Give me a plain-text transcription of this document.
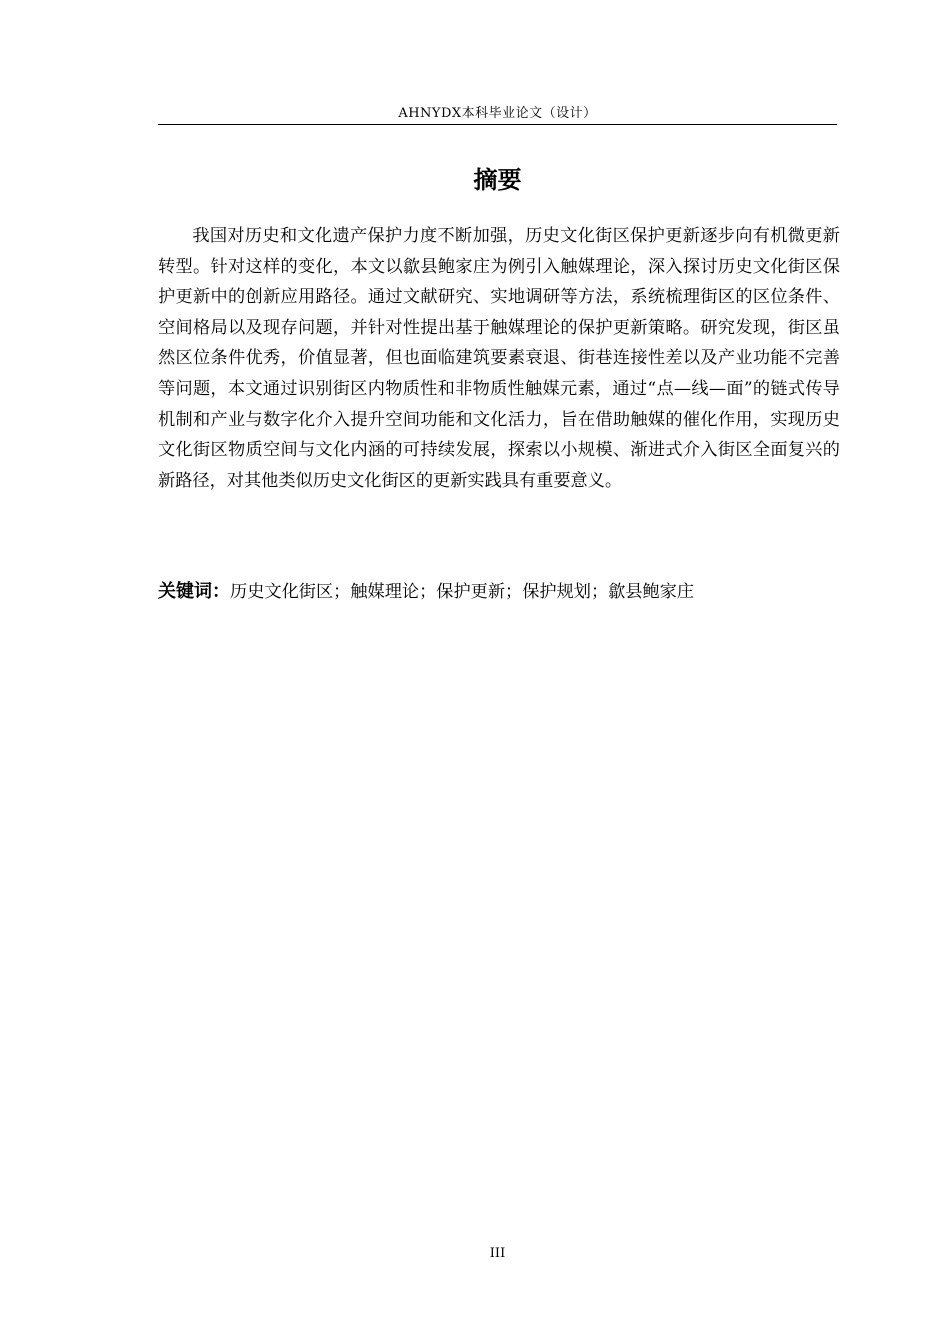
AHNYDX本科毕业论文（设计）
摘要

我国对历史和文化遗产保护力度不断加强，历史文化街区保护更新逐步向有机微更新转型。针对这样的变化，本文以歙县鲍家庄为例引入触媒理论，深入探讨历史文化街区保护更新中的创新应用路径。通过文献研究、实地调研等方法，系统梳理街区的区位条件、空间格局以及现存问题，并针对性提出基于触媒理论的保护更新策略。研究发现，街区虽然区位条件优秀，价值显著，但也面临建筑要素衰退、街巷连接性差以及产业功能不完善等问题，本文通过识别街区内物质性和非物质性触媒元素，通过“点—线—面”的链式传导机制和产业与数字化介入提升空间功能和文化活力，旨在借助触媒的催化作用，实现历史文化街区物质空间与文化内涵的可持续发展，探索以小规模、渐进式介入街区全面复兴的新路径，对其他类似历史文化街区的更新实践具有重要意义。

关键词：历史文化街区；触媒理论；保护更新；保护规划；歙县鲍家庄

III
